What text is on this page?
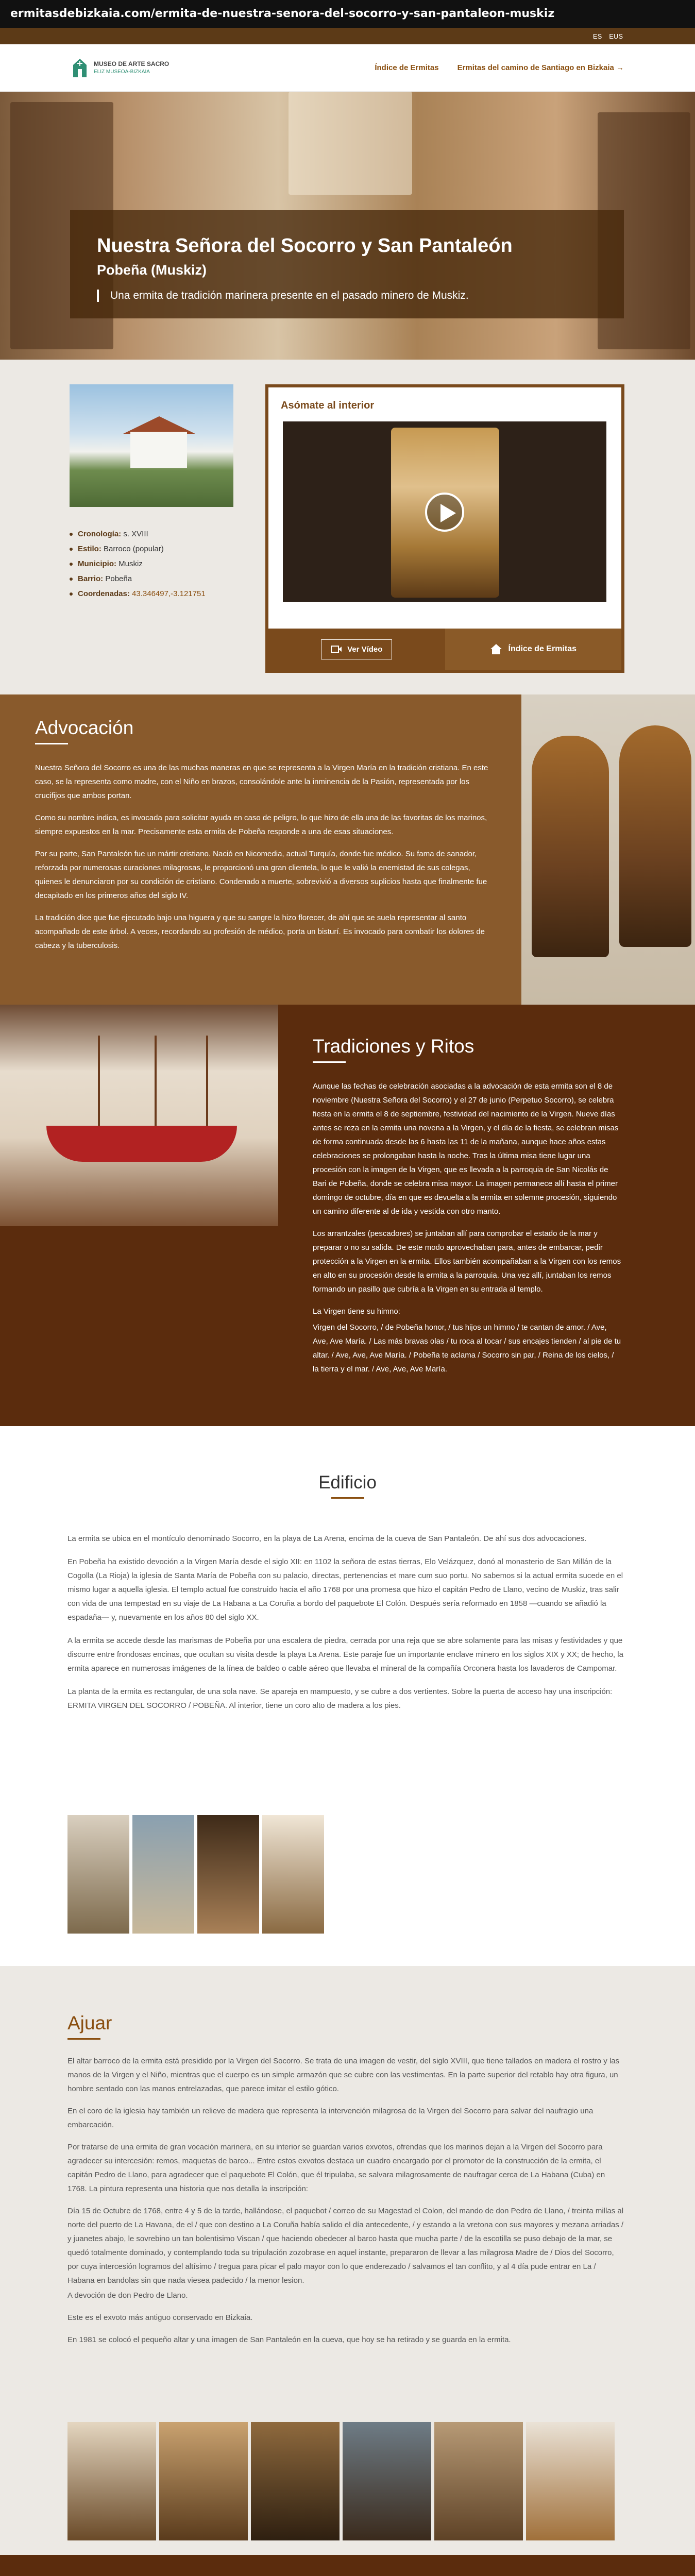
ermitasdebizkaia.com/ermita-de-nuestra-senora-del-socorro-y-san-pantaleon-muskiz
ES EUS
MUSEO DE ARTE SACRO
ELIZ MUSEOA-BIZKAIA	Índice de Ermitas Ermitas del camino de Santiago en Bizkaia →
Nuestra Señora del Socorro y San Pantaleón
Pobeña (Muskiz)

Una ermita de tradición marinera presente en el pasado minero de Muskiz.

Cronología: s. XVIII
Estilo: Barroco (popular)
Municipio: Muskiz
Barrio: Pobeña
Coordenadas: 43.346497,-3.121751
Asómate al interior
Ver Vídeo	Índice de Ermitas
Advocación

Nuestra Señora del Socorro es una de las muchas maneras en que se representa a la Virgen María en la tradición cristiana. En este caso, se la representa como madre, con el Niño en brazos, consolándole ante la inminencia de la Pasión, representada por los crucifijos que ambos portan.

Como su nombre indica, es invocada para solicitar ayuda en caso de peligro, lo que hizo de ella una de las favoritas de los marinos, siempre expuestos en la mar. Precisamente esta ermita de Pobeña responde a una de esas situaciones.

Por su parte, San Pantaleón fue un mártir cristiano. Nació en Nicomedia, actual Turquía, donde fue médico. Su fama de sanador, reforzada por numerosas curaciones milagrosas, le proporcionó una gran clientela, lo que le valió la enemistad de sus colegas, quienes le denunciaron por su condición de cristiano. Condenado a muerte, sobrevivió a diversos suplicios hasta que finalmente fue decapitado en los primeros años del siglo IV.

La tradición dice que fue ejecutado bajo una higuera y que su sangre la hizo florecer, de ahí que se suela representar al santo acompañado de este árbol. A veces, recordando su profesión de médico, porta un bisturí. Es invocado para combatir los dolores de cabeza y la tuberculosis.

Tradiciones y Ritos

Aunque las fechas de celebración asociadas a la advocación de esta ermita son el 8 de noviembre (Nuestra Señora del Socorro) y el 27 de junio (Perpetuo Socorro), se celebra fiesta en la ermita el 8 de septiembre, festividad del nacimiento de la Virgen. Nueve días antes se reza en la ermita una novena a la Virgen, y el día de la fiesta, se celebran misas de forma continuada desde las 6 hasta las 11 de la mañana, aunque hace años estas celebraciones se prolongaban hasta la noche. Tras la última misa tiene lugar una procesión con la imagen de la Virgen, que es llevada a la parroquia de San Nicolás de Bari de Pobeña, donde se celebra misa mayor. La imagen permanece allí hasta el primer domingo de octubre, día en que es devuelta a la ermita en solemne procesión, siguiendo un camino diferente al de ida y vestida con otro manto.

Los arrantzales (pescadores) se juntaban allí para comprobar el estado de la mar y preparar o no su salida. De este modo aprovechaban para, antes de embarcar, pedir protección a la Virgen en la ermita. Ellos también acompañaban a la Virgen con los remos en alto en su procesión desde la ermita a la parroquia. Una vez allí, juntaban los remos formando un pasillo que cubría a la Virgen en su entrada al templo.

La Virgen tiene su himno:

Virgen del Socorro, / de Pobeña honor, / tus hijos un himno / te cantan de amor. / Ave, Ave, Ave María. / Las más bravas olas / tu roca al tocar / sus encajes tienden / al pie de tu altar. / Ave, Ave, Ave María. / Pobeña te aclama / Socorro sin par, / Reina de los cielos, / la tierra y el mar. / Ave, Ave, Ave María.

Edificio

La ermita se ubica en el montículo denominado Socorro, en la playa de La Arena, encima de la cueva de San Pantaleón. De ahí sus dos advocaciones.

En Pobeña ha existido devoción a la Virgen María desde el siglo XII: en 1102 la señora de estas tierras, Elo Velázquez, donó al monasterio de San Millán de la Cogolla (La Rioja) la iglesia de Santa María de Pobeña con su palacio, directas, pertenencias et mare cum suo portu. No sabemos si la actual ermita sucede en el mismo lugar a aquella iglesia. El templo actual fue construido hacia el año 1768 por una promesa que hizo el capitán Pedro de Llano, vecino de Muskiz, tras salir con vida de una tempestad en su viaje de La Habana a La Coruña a bordo del paquebote El Colón. Después sería reformado en 1858 —cuando se añadió la espadaña— y, nuevamente en los años 80 del siglo XX.

A la ermita se accede desde las marismas de Pobeña por una escalera de piedra, cerrada por una reja que se abre solamente para las misas y festividades y que discurre entre frondosas encinas, que ocultan su visita desde la playa La Arena. Este paraje fue un importante enclave minero en los siglos XIX y XX; de hecho, la ermita aparece en numerosas imágenes de la línea de baldeo o cable aéreo que llevaba el mineral de la compañía Orconera hasta los lavaderos de Campomar.

La planta de la ermita es rectangular, de una sola nave. Se apareja en mampuesto, y se cubre a dos vertientes. Sobre la puerta de acceso hay una inscripción: ERMITA VIRGEN DEL SOCORRO / POBEÑA. Al interior, tiene un coro alto de madera a los pies.

Ajuar

El altar barroco de la ermita está presidido por la Virgen del Socorro. Se trata de una imagen de vestir, del siglo XVIII, que tiene tallados en madera el rostro y las manos de la Virgen y el Niño, mientras que el cuerpo es un simple armazón que se cubre con las vestimentas. En la parte superior del retablo hay otra figura, un hombre sentado con las manos entrelazadas, que parece imitar el estilo gótico.

En el coro de la iglesia hay también un relieve de madera que representa la intervención milagrosa de la Virgen del Socorro para salvar del naufragio una embarcación.

Por tratarse de una ermita de gran vocación marinera, en su interior se guardan varios exvotos, ofrendas que los marinos dejan a la Virgen del Socorro para agradecer su intercesión: remos, maquetas de barco... Entre estos exvotos destaca un cuadro encargado por el promotor de la construcción de la ermita, el capitán Pedro de Llano, para agradecer que el paquebote El Colón, que él tripulaba, se salvara milagrosamente de naufragar cerca de La Habana (Cuba) en 1768. La pintura representa una historia que nos detalla la inscripción:

Día 15 de Octubre de 1768, entre 4 y 5 de la tarde, hallándose, el paquebot / correo de su Magestad el Colon, del mando de don Pedro de Llano, / treinta millas al norte del puerto de La Havana, de el / que con destino a La Coruña había salido el día antecedente, / y estando a la vretona con sus mayores y mezana arriadas / y juanetes abajo, le sovrebino un tan bolentisimo Viscan / que haciendo obedecer al barco hasta que mucha parte / de la escotilla se puso debajo de la mar, se quedó totalmente dominado, y contemplando toda su tripulación zozobrase en aquel instante, prepararon de llevar a las milagrosa Madre de / Dios del Socorro, por cuya intercesión logramos del altísimo / tregua para picar el palo mayor con lo que enderezado / salvamos el tan conflito, y al 4 día pude entrar en La / Habana en bandolas sin que nada viesea padecido / la menor lesion.

A devoción de don Pedro de Llano.

Este es el exvoto más antiguo conservado en Bizkaia.

En 1981 se colocó el pequeño altar y una imagen de San Pantaleón en la cueva, que hoy se ha retirado y se guarda en la ermita.
